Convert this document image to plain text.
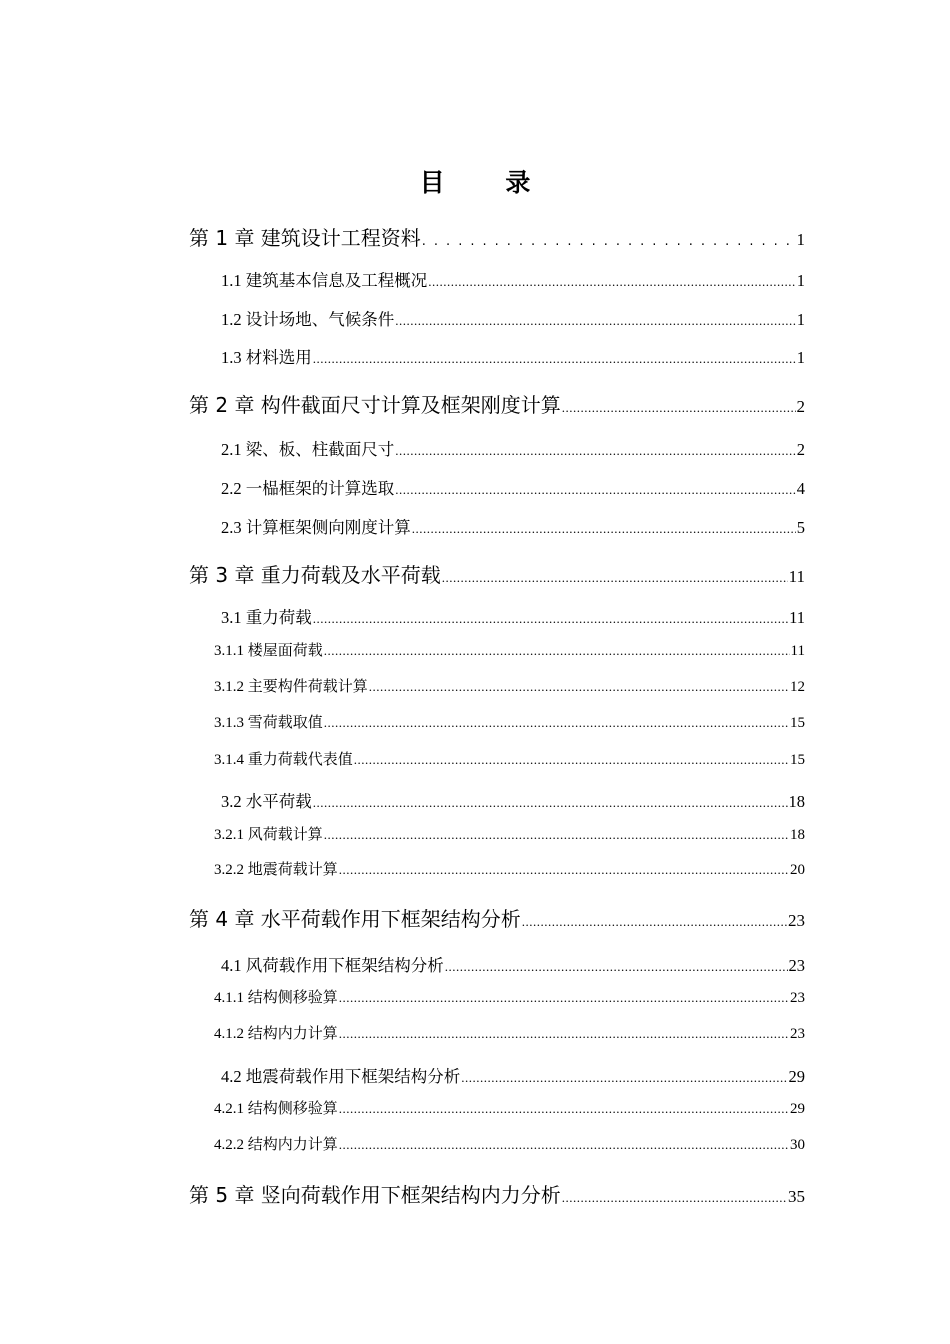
目 录
第 1 章 建筑设计工程资料 .....	1
1.1 建筑基本信息及工程概况 .....	1
1.2 设计场地、气候条件 .....	1
1.3 材料选用 .....	1
第 2 章 构件截面尺寸计算及框架刚度计算 .....	2
2.1 梁、板、柱截面尺寸 .....	2
2.2 一榀框架的计算选取 .....	4
2.3 计算框架侧向刚度计算 .....	5
第 3 章 重力荷载及水平荷载 .....	11
3.1 重力荷载 .....	11
3.1.1 楼屋面荷载 .....	11
3.1.2 主要构件荷载计算 .....	12
3.1.3 雪荷载取值 .....	15
3.1.4 重力荷载代表值 .....	15
3.2 水平荷载 .....	18
3.2.1 风荷载计算 .....	18
3.2.2 地震荷载计算 .....	20
第 4 章 水平荷载作用下框架结构分析 .....	23
4.1 风荷载作用下框架结构分析 .....	23
4.1.1 结构侧移验算 .....	23
4.1.2 结构内力计算 .....	23
4.2 地震荷载作用下框架结构分析 .....	29
4.2.1 结构侧移验算 .....	29
4.2.2 结构内力计算 .....	30
第 5 章 竖向荷载作用下框架结构内力分析 .....	35
